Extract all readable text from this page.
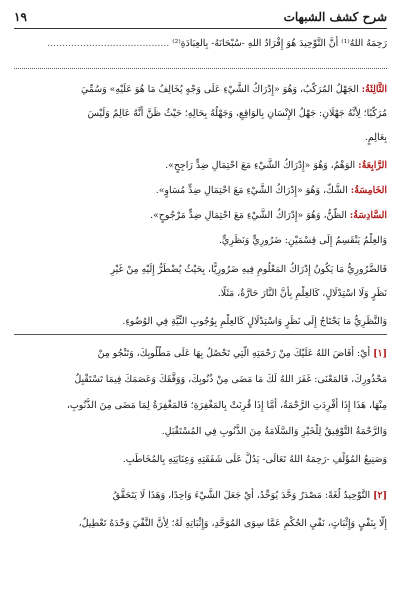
شرح كشف الشبهات
١٩
رَحِمَهُ اللهُ⁽¹⁾ أَنَّ التَّوْحِيدَ هُوَ إِفْرَادُ اللهِ -سُبْحَانَهُ- بِالعِبَادَةِ⁽²⁾ .........................................
الثَّالِثَةُ: الجَهْلُ المُرَكَّبُ، وَهُوَ «إِدْرَاكُ الشَّيْءِ عَلَى وَجْهٍ يُخَالِفُ مَا هُوَ عَلَيْهِ» وَسُمِّيَ
مُرَكَّبًا؛ لِأَنَّهُ جَهْلَانِ: جَهْلُ الإِنْسَانِ بِالوَاقِعِ، وَجَهْلُهُ بِحَالِهِ؛ حَيْثُ ظَنَّ أَنَّهُ عَالِمٌ وَلَيْسَ
بِعَالِمٍ.
الرَّابِعَةُ: الوَهْمُ، وَهُوَ «إِدْرَاكُ الشَّيْءِ مَعَ احْتِمَالِ ضِدٍّ رَاجِحٍ».
الخَامِسَةُ: الشَّكُّ، وَهُوَ «إِدْرَاكُ الشَّيْءِ مَعَ احْتِمَالِ ضِدٍّ مُسَاوٍ».
السَّادِسَةُ: الظَّنُّ، وَهُوَ «إِدْرَاكُ الشَّيْءِ مَعَ احْتِمَالِ ضِدٍّ مَرْجُوحٍ».
وَالعِلْمُ يَنْقَسِمُ إِلَى قِسْمَيْنِ: ضَرُورِيٍّ وَنَظَرِيٍّ.
فَالضَّرُورِيُّ مَا يَكُونُ إِدْرَاكُ المَعْلُومِ فِيهِ ضَرُورِيًّا، بِحَيْثُ يُضْطَرُّ إِلَيْهِ مِنْ غَيْرِ
نَظَرٍ وَلَا اسْتِدْلَالٍ، كَالعِلْمِ بِأَنَّ النَّارَ حَارَّةٌ، مَثَلًا.
وَالنَّظَرِيُّ مَا يَحْتَاجُ إِلَى نَظَرٍ وَاسْتِدْلَالٍ كَالعِلْمِ بِوُجُوبِ النِّيَّةِ فِي الوُضُوءِ.
[١] أَيْ: أَفَاضَ اللهُ عَلَيْكَ مِنْ رَحْمَتِهِ الَّتِي تَحْصُلُ بِهَا عَلَى مَطْلُوبِكَ، وَتَنْجُو مِنْ
مَحْذُورِكَ، فَالمَعْنَى: غَفَرَ اللهُ لَكَ مَا مَضَى مِنْ ذُنُوبِكَ، وَوَفَّقَكَ وَعَصَمَكَ فِيمَا تَسْتَقْبِلُ
مِنْهَا، هَذَا إِذَا أُفْرِدَتِ الرَّحْمَةُ، أَمَّا إِذَا قُرِنَتْ بِالمَغْفِرَةِ؛ فَالمَغْفِرَةُ لِمَا مَضَى مِنَ الذُّنُوبِ،
وَالرَّحْمَةُ التَّوْفِيقُ لِلْخَيْرِ وَالسَّلَامَةُ مِنَ الذُّنُوبِ فِي المُسْتَقْبَلِ.
وَصَنِيعُ المُؤَلِّفِ -رَحِمَهُ اللهُ تَعَالَى- يَدُلُّ عَلَى شَفَقَتِهِ وَعِنَايَتِهِ بِالمُخَاطَبِ.
[٢] التَّوْحِيدُ لُغَةً: مَصْدَرُ وَحَّدَ يُوَحِّدُ، أَيْ جَعَلَ الشَّيْءَ وَاحِدًا، وَهَذَا لَا يَتَحَقَّقُ
إِلَّا بِنَفْيٍ وَإِثْبَاتٍ، نَفْيِ الحُكْمِ عَمَّا سِوَى المُوَحَّدِ، وَإِثْبَاتِهِ لَهُ؛ لِأَنَّ النَّفْيَ وَحْدَهُ تَعْطِيلٌ،
